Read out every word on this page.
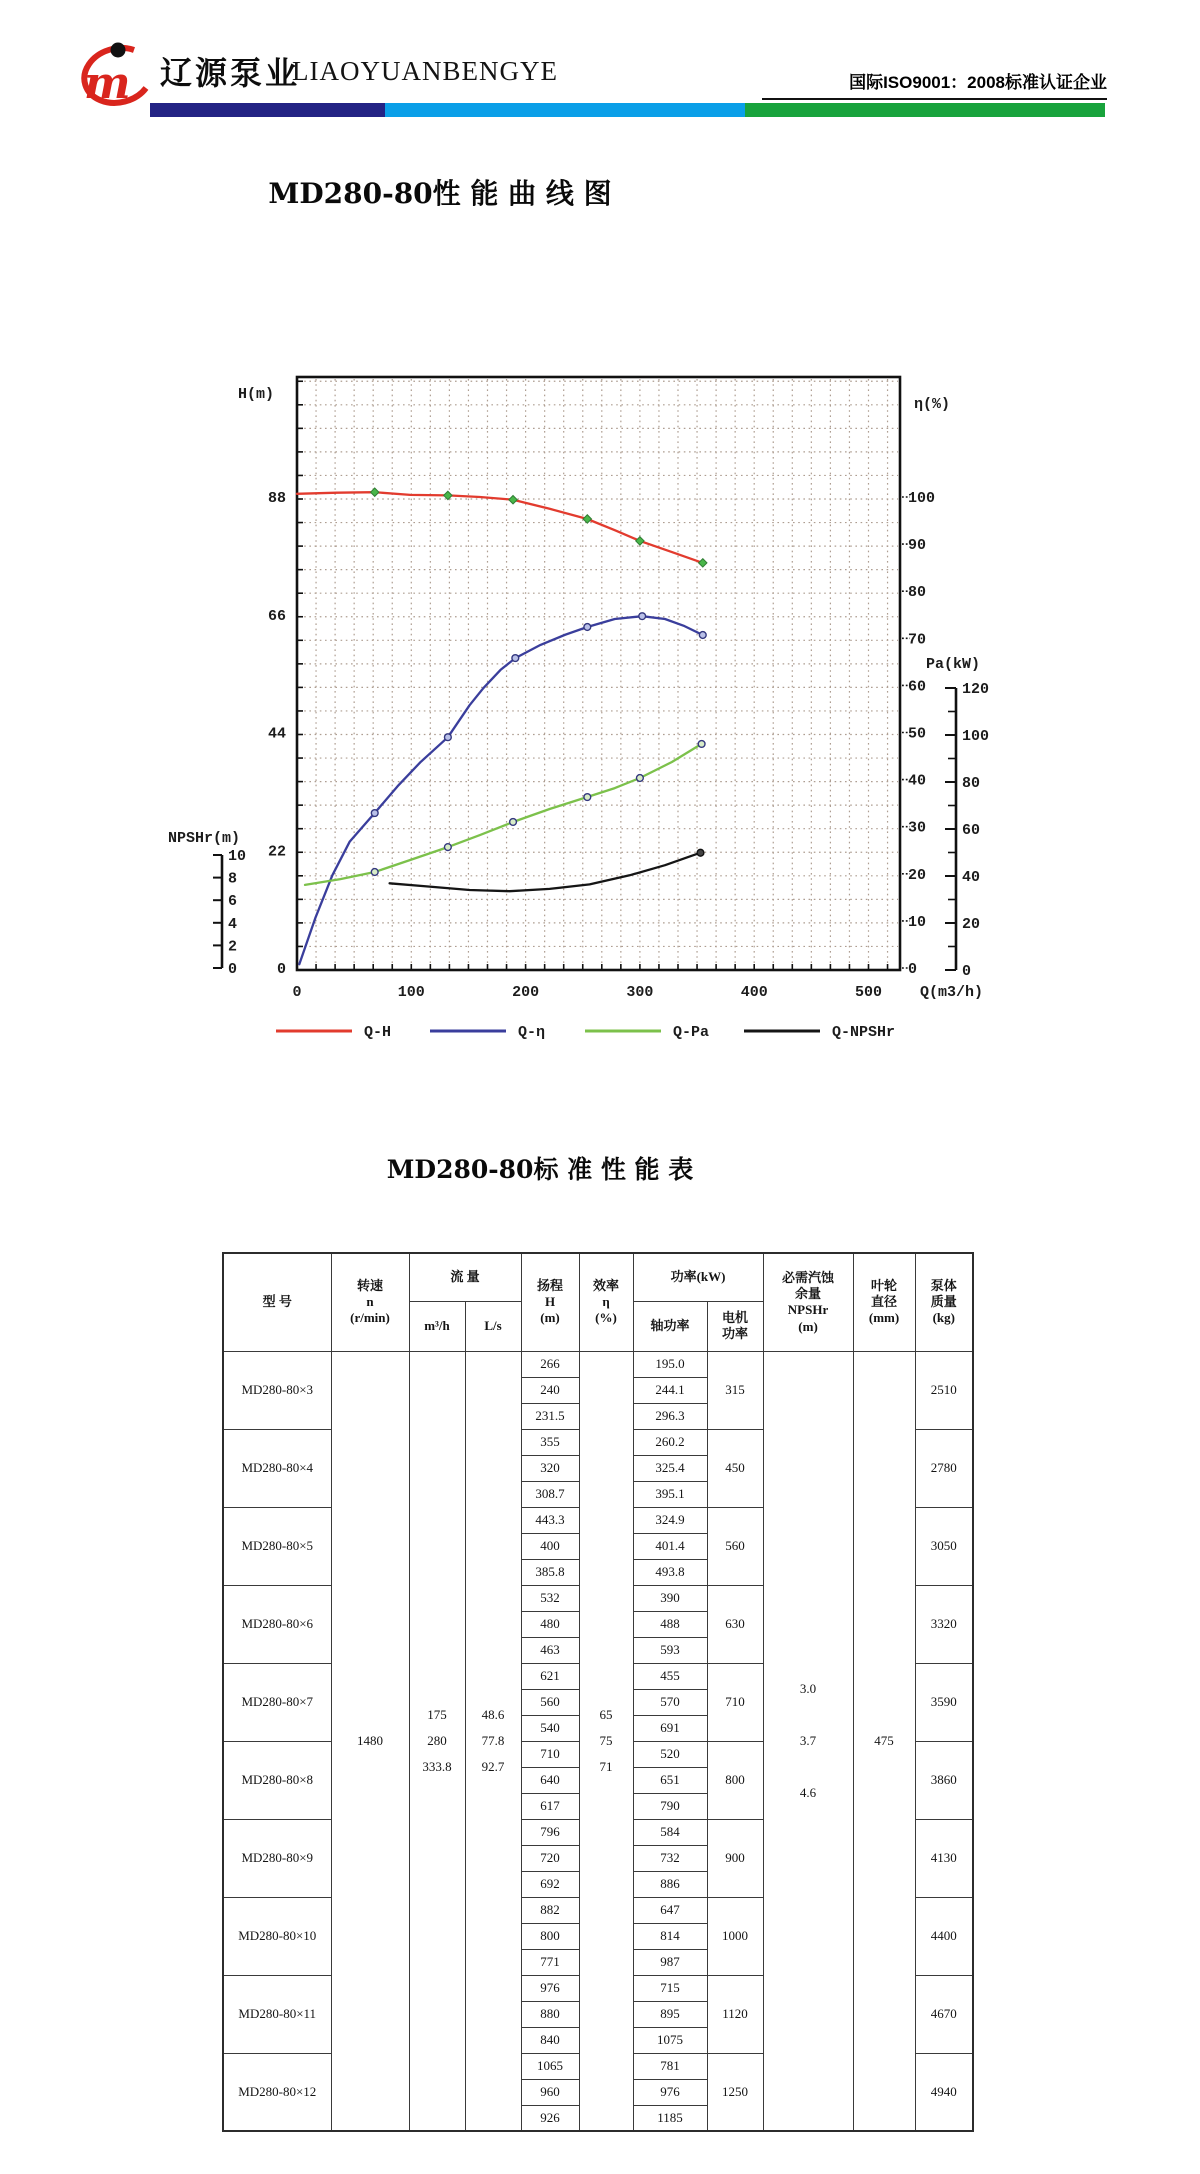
m 辽源泵业
LIAOYUANBENGYE	国际ISO9001：2008标准认证企业
MD280-80性 能 曲 线 图
88
66
44
22
0
100
90
80
70
60
50
40
30
20
10
0
0	100	200	300	400	500
H(m)
η(%)
Pa(kW)
NPSHr(m)
Q(m3/h)
10
8
6
4
2
0
120
100
80
60
40
20
0
Q-H	Q-η	Q-Pa	Q-NPSHr
MD280-80标 准 性 能 表
型 号	转速
n
(r/min)	流 量		扬程
H
(m)	效率
η
(%)	功率(kW)		必需汽蚀
余量
NPSHr
(m)	叶轮
直径
(mm)	泵体
质量
(kg)
		m³/h	L/s			轴功率	电机
功率			
MD280-80×3	1480	175
280
333.8	48.6
77.8
92.7	266	65
75
71	195.0	315	3.0
3.7
4.6	475	2510
				240		244.1				
				231.5		296.3				
MD280-80×4				355		260.2	450			2780
				320		325.4				
				308.7		395.1				
MD280-80×5				443.3		324.9	560			3050
				400		401.4				
				385.8		493.8				
MD280-80×6				532		390	630			3320
				480		488				
				463		593				
MD280-80×7				621		455	710			3590
				560		570				
				540		691				
MD280-80×8				710		520	800			3860
				640		651				
				617		790				
MD280-80×9				796		584	900			4130
				720		732				
				692		886				
MD280-80×10				882		647	1000			4400
				800		814				
				771		987				
MD280-80×11				976		715	1120			4670
				880		895				
				840		1075				
MD280-80×12				1065		781	1250			4940
				960		976				
				926		1185				
